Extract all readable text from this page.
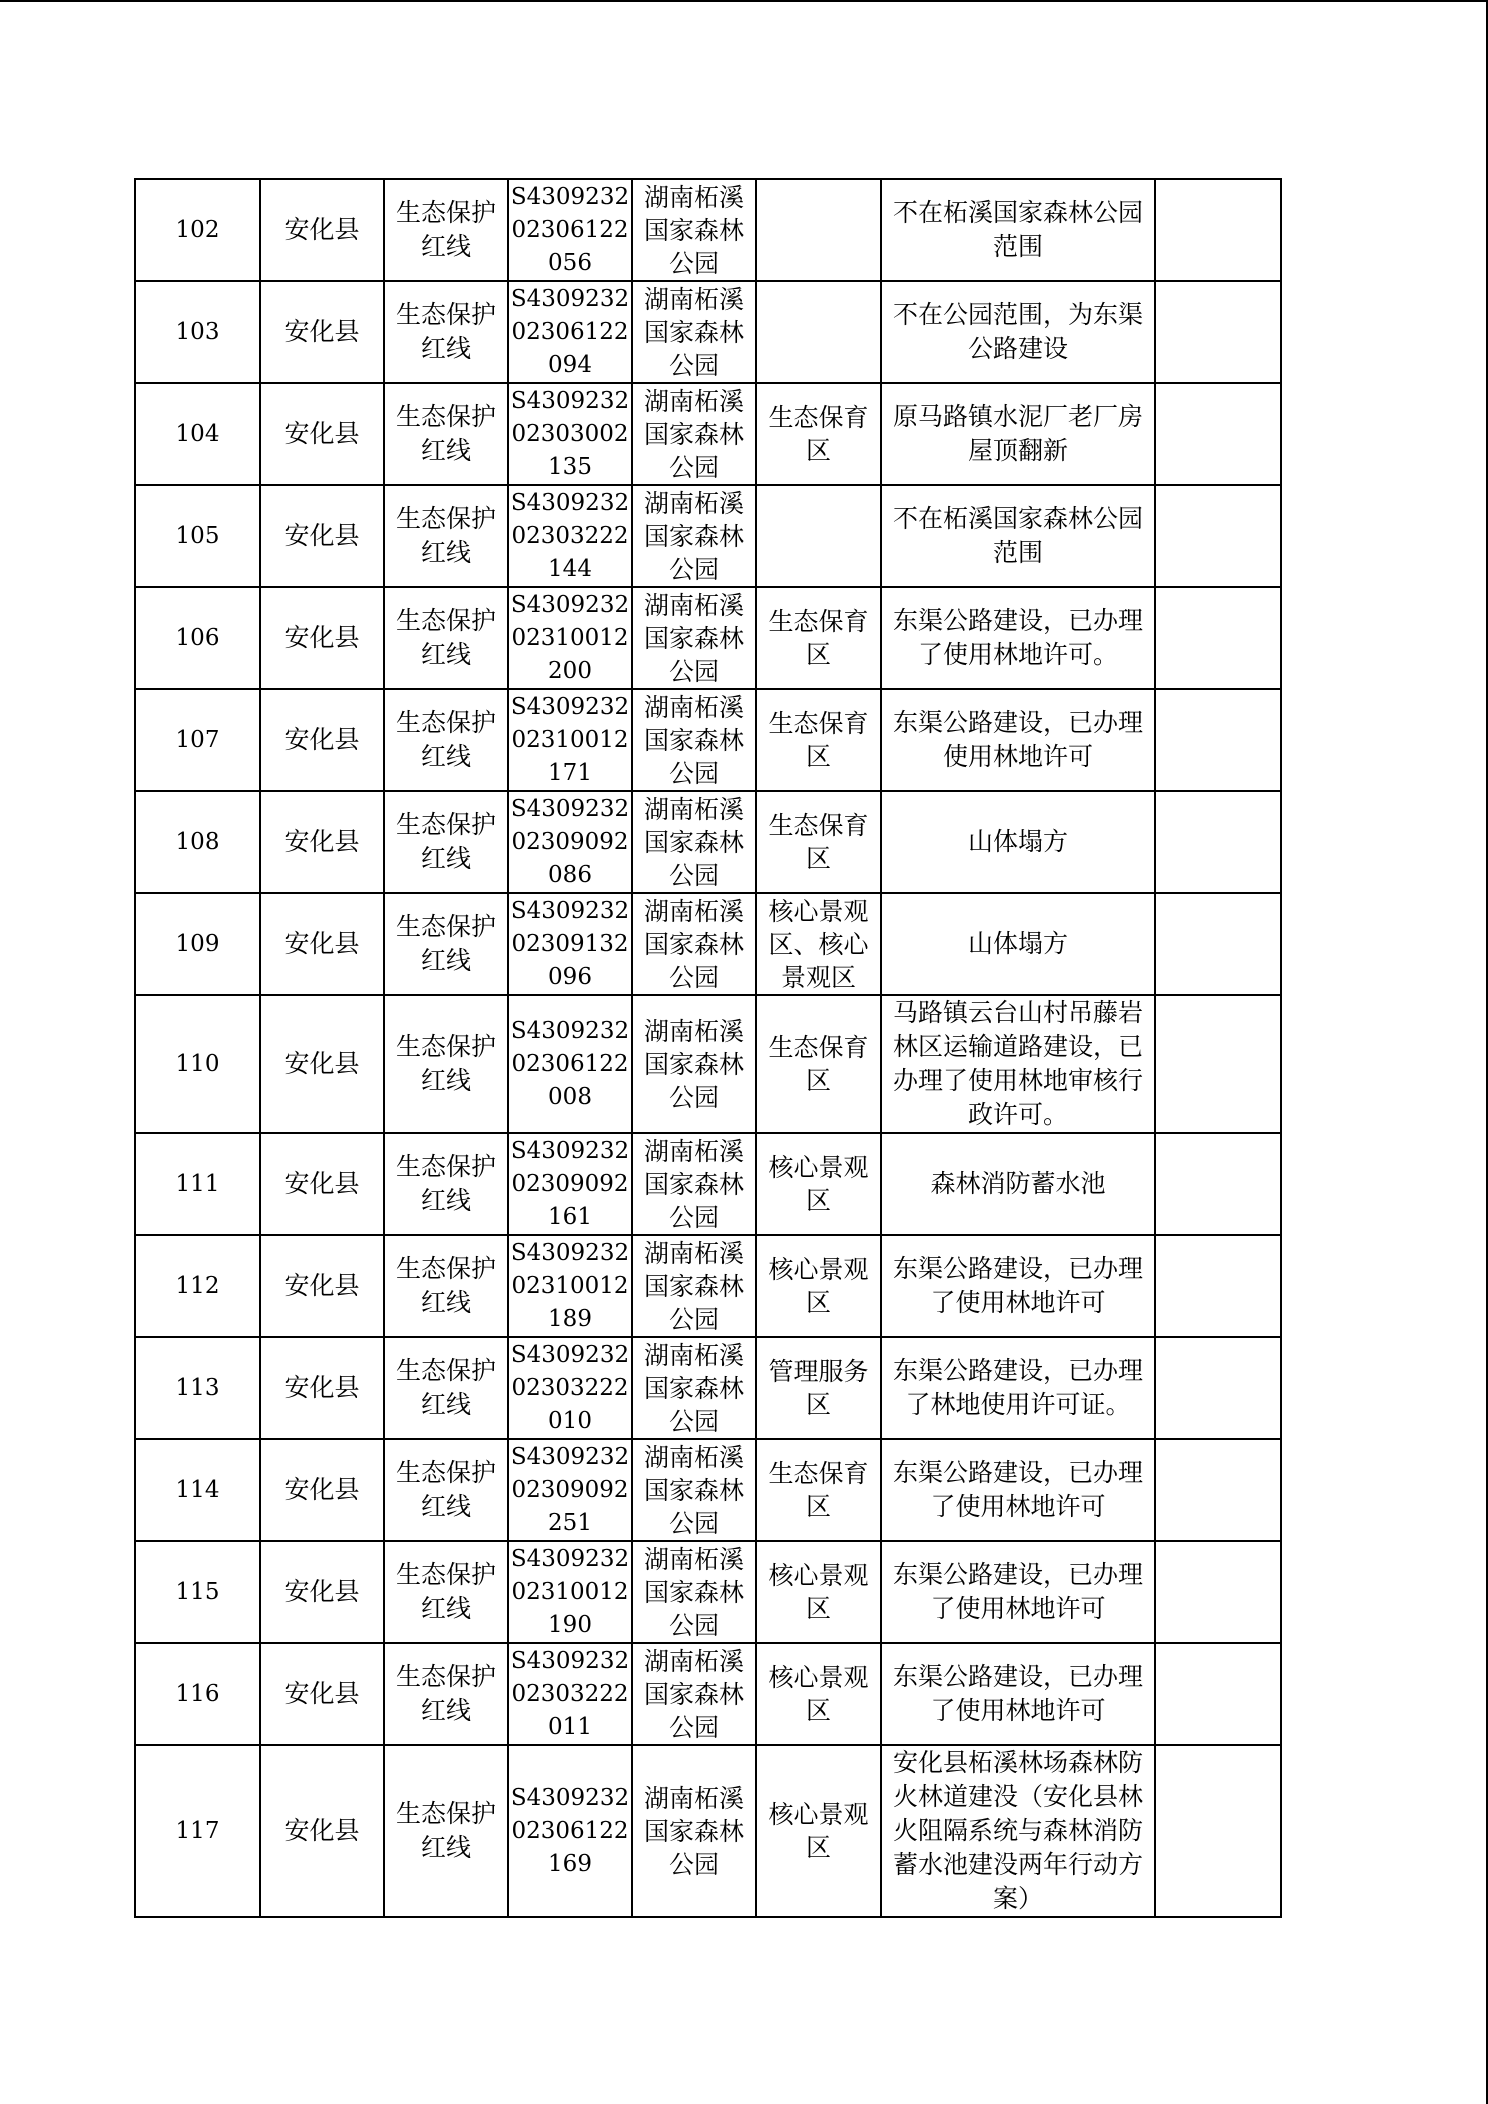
102	安化县	生态保护红线	S430923202306122056	湖南柘溪国家森林公园		不在柘溪国家森林公园范围	
103	安化县	生态保护红线	S430923202306122094	湖南柘溪国家森林公园		不在公园范围，为东渠公路建设	
104	安化县	生态保护红线	S430923202303002135	湖南柘溪国家森林公园	生态保育区	原马路镇水泥厂老厂房屋顶翻新	
105	安化县	生态保护红线	S430923202303222144	湖南柘溪国家森林公园		不在柘溪国家森林公园范围	
106	安化县	生态保护红线	S430923202310012200	湖南柘溪国家森林公园	生态保育区	东渠公路建设，已办理了使用林地许可。	
107	安化县	生态保护红线	S430923202310012171	湖南柘溪国家森林公园	生态保育区	东渠公路建设，已办理使用林地许可	
108	安化县	生态保护红线	S430923202309092086	湖南柘溪国家森林公园	生态保育区	山体塌方	
109	安化县	生态保护红线	S430923202309132096	湖南柘溪国家森林公园	核心景观区、核心景观区	山体塌方	
110	安化县	生态保护红线	S430923202306122008	湖南柘溪国家森林公园	生态保育区	马路镇云台山村吊藤岩林区运输道路建设，已办理了使用林地审核行政许可。	
111	安化县	生态保护红线	S430923202309092161	湖南柘溪国家森林公园	核心景观区	森林消防蓄水池	
112	安化县	生态保护红线	S430923202310012189	湖南柘溪国家森林公园	核心景观区	东渠公路建设，已办理了使用林地许可	
113	安化县	生态保护红线	S430923202303222010	湖南柘溪国家森林公园	管理服务区	东渠公路建设，已办理了林地使用许可证。	
114	安化县	生态保护红线	S430923202309092251	湖南柘溪国家森林公园	生态保育区	东渠公路建设，已办理了使用林地许可	
115	安化县	生态保护红线	S430923202310012190	湖南柘溪国家森林公园	核心景观区	东渠公路建设，已办理了使用林地许可	
116	安化县	生态保护红线	S430923202303222011	湖南柘溪国家森林公园	核心景观区	东渠公路建设，已办理了使用林地许可	
117	安化县	生态保护红线	S430923202306122169	湖南柘溪国家森林公园	核心景观区	安化县柘溪林场森林防火林道建没（安化县林火阻隔系统与森林消防蓄水池建没两年行动方案）	
